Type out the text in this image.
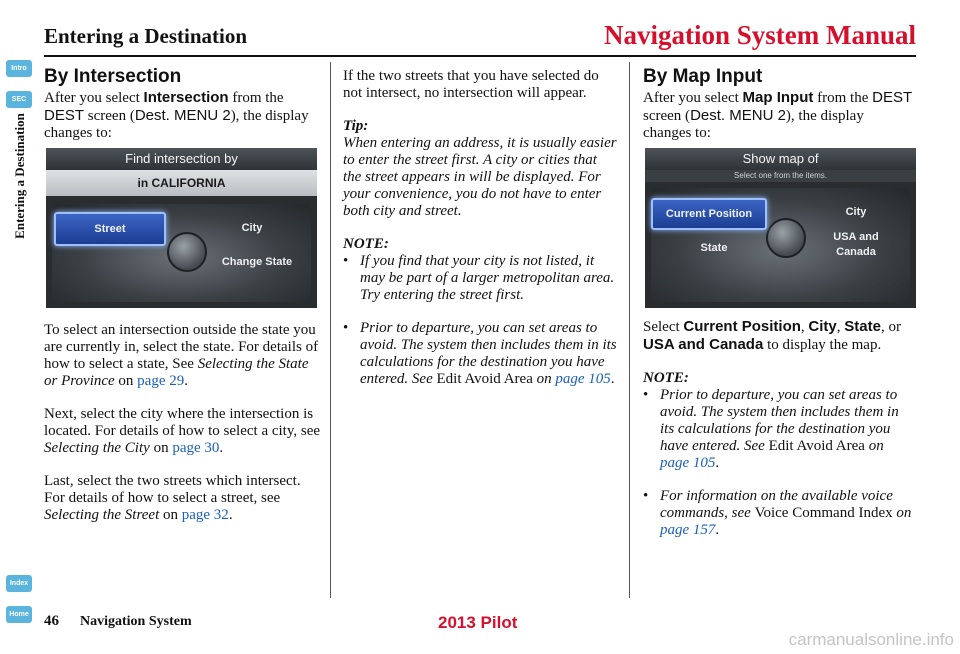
Entering a Destination	Navigation System Manual
Intro
SEC
Entering a Destination
Index
Home
By Intersection

After you select Intersection from the DEST screen (Dest. MENU 2), the display changes to:

Find intersection by
in CALIFORNIA
Street	City
Change State

To select an intersection outside the state you are currently in, select the state. For details of how to select a state, See Selecting the State or Province on page 29.

Next, select the city where the intersection is located. For details of how to select a city, see Selecting the City on page 30.

Last, select the two streets which intersect. For details of how to select a street, see Selecting the Street on page 32.

If the two streets that you have selected do not intersect, no intersection will appear.

Tip:

When entering an address, it is usually easier to enter the street first. A city or cities that the street appears in will be displayed. For your convenience, you do not have to enter both city and street.

NOTE:
• If you find that your city is not listed, it may be part of a larger metropolitan area. Try entering the street first.
• Prior to departure, you can set areas to avoid. The system then includes them in its calculations for the destination you have entered. See Edit Avoid Area on page 105.
By Map Input

After you select Map Input from the DEST screen (Dest. MENU 2), the display changes to:

Show map of
Select one from the items.
Current Position	City
State
USA and
Canada

Select Current Position, City, State, or USA and Canada to display the map.

NOTE:
• Prior to departure, you can set areas to avoid. The system then includes them in its calculations for the destination you have entered. See Edit Avoid Area on page 105.
• For information on the available voice commands, see Voice Command Index on page 157.
46 Navigation System	2013 Pilot
carmanualsonline.info
